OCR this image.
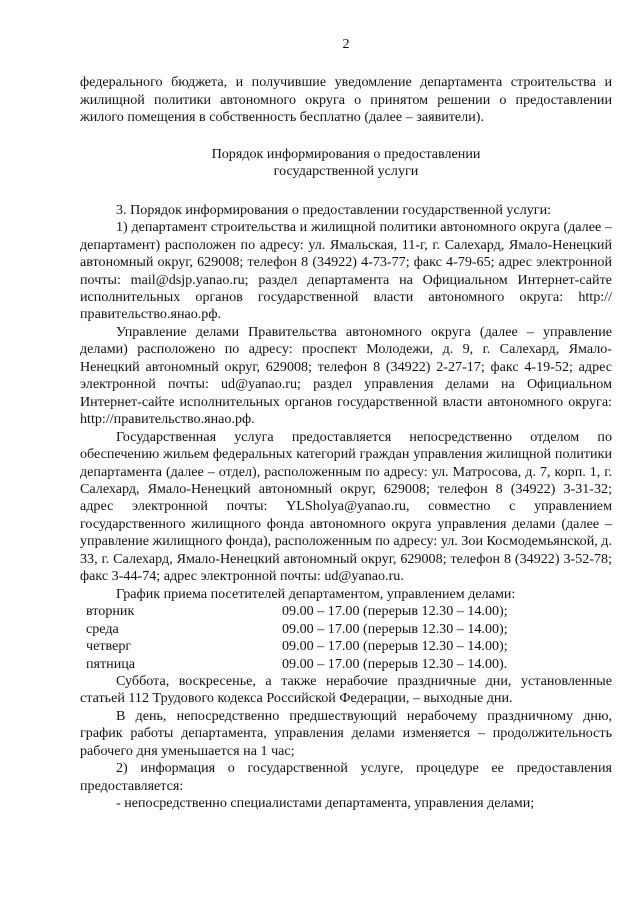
2

федерального бюджета, и получившие уведомление департамента строительства и жилищной политики автономного округа о принятом решении о предоставлении жилого помещения в собственность бесплатно (далее – заявители).

Порядок информирования о предоставлении
государственной услуги

3. Порядок информирования о предоставлении государственной услуги:

1) департамент строительства и жилищной политики автономного округа (далее – департамент) расположен по адресу: ул. Ямальская, 11-г, г. Салехард, Ямало-Ненецкий автономный округ, 629008; телефон 8 (34922) 4-73-77; факс 4-79-65; адрес электронной почты: mail@dsjp.yanao.ru; раздел департамента на Официальном Интернет-сайте исполнительных органов государственной власти автономного округа: http://правительство.янао.рф.

Управление делами Правительства автономного округа (далее – управление делами) расположено по адресу: проспект Молодежи, д. 9, г. Салехард, Ямало-Ненецкий автономный округ, 629008; телефон 8 (34922) 2-27-17; факс 4-19-52; адрес электронной почты: ud@yanao.ru; раздел управления делами на Официальном Интернет-сайте исполнительных органов государственной власти автономного округа: http://правительство.янао.рф.

Государственная услуга предоставляется непосредственно отделом по обеспечению жильем федеральных категорий граждан управления жилищной политики департамента (далее – отдел), расположенным по адресу: ул. Матросова, д. 7, корп. 1, г. Салехард, Ямало-Ненецкий автономный округ, 629008; телефон 8 (34922) 3-31-32; адрес электронной почты: YLSholya@yanao.ru, совместно с управлением государственного жилищного фонда автономного округа управления делами (далее – управление жилищного фонда), расположенным по адресу: ул. Зои Космодемьянской, д. 33, г. Салехард, Ямало-Ненецкий автономный округ, 629008; телефон 8 (34922) 3-52-78; факс 3-44-74; адрес электронной почты: ud@yanao.ru.

График приема посетителей департаментом, управлением делами:

вторник	09.00 – 17.00 (перерыв 12.30 – 14.00);
среда	09.00 – 17.00 (перерыв 12.30 – 14.00);
четверг	09.00 – 17.00 (перерыв 12.30 – 14.00);
пятница	09.00 – 17.00 (перерыв 12.30 – 14.00).

Суббота, воскресенье, а также нерабочие праздничные дни, установленные статьей 112 Трудового кодекса Российской Федерации, – выходные дни.

В день, непосредственно предшествующий нерабочему праздничному дню, график работы департамента, управления делами изменяется – продолжительность рабочего дня уменьшается на 1 час;

2) информация о государственной услуге, процедуре ее предоставления предоставляется:

- непосредственно специалистами департамента, управления делами;
